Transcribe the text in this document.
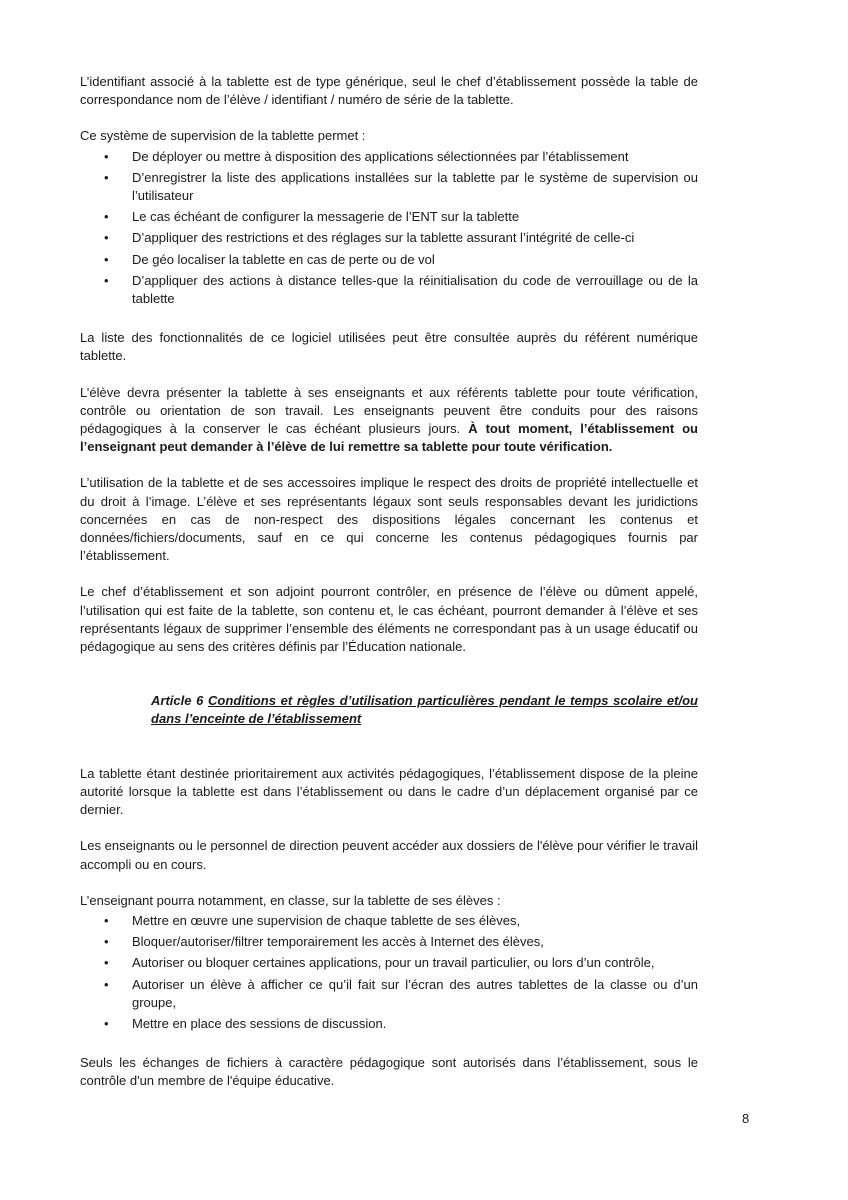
L’identifiant associé à la tablette est de type générique, seul le chef d’établissement possède la table de correspondance nom de l’élève / identifiant / numéro de série de la tablette.

Ce système de supervision de la tablette permet :

• De déployer ou mettre à disposition des applications sélectionnées par l’établissement
• D’enregistrer la liste des applications installées sur la tablette par le système de supervision ou l’utilisateur
• Le cas échéant de configurer la messagerie de l’ENT sur la tablette
• D’appliquer des restrictions et des réglages sur la tablette assurant l’intégrité de celle-ci
• De géo localiser la tablette en cas de perte ou de vol
• D’appliquer des actions à distance telles-que la réinitialisation du code de verrouillage ou de la tablette

La liste des fonctionnalités de ce logiciel utilisées peut être consultée auprès du référent numérique tablette.

L’élève devra présenter la tablette à ses enseignants et aux référents tablette pour toute vérification, contrôle ou orientation de son travail. Les enseignants peuvent être conduits pour des raisons pédagogiques à la conserver le cas échéant plusieurs jours. À tout moment, l’établissement ou l’enseignant peut demander à l’élève de lui remettre sa tablette pour toute vérification.

L’utilisation de la tablette et de ses accessoires implique le respect des droits de propriété intellectuelle et du droit à l’image. L’élève et ses représentants légaux sont seuls responsables devant les juridictions concernées en cas de non-respect des dispositions légales concernant les contenus et données/fichiers/documents, sauf en ce qui concerne les contenus pédagogiques fournis par l’établissement.

Le chef d’établissement et son adjoint pourront contrôler, en présence de l’élève ou dûment appelé, l’utilisation qui est faite de la tablette, son contenu et, le cas échéant, pourront demander à l’élève et ses représentants légaux de supprimer l’ensemble des éléments ne correspondant pas à un usage éducatif ou pédagogique au sens des critères définis par l’Éducation nationale.

Article 6 Conditions et règles d’utilisation particulières pendant le temps scolaire et/ou dans l’enceinte de l’établissement

La tablette étant destinée prioritairement aux activités pédagogiques, l’établissement dispose de la pleine autorité lorsque la tablette est dans l’établissement ou dans le cadre d’un déplacement organisé par ce dernier.

Les enseignants ou le personnel de direction peuvent accéder aux dossiers de l'élève pour vérifier le travail accompli ou en cours.

L’enseignant pourra notamment, en classe, sur la tablette de ses élèves :

• Mettre en œuvre une supervision de chaque tablette de ses élèves,
• Bloquer/autoriser/filtrer temporairement les accès à Internet des élèves,
• Autoriser ou bloquer certaines applications, pour un travail particulier, ou lors d’un contrôle,
• Autoriser un élève à afficher ce qu’il fait sur l’écran des autres tablettes de la classe ou d’un groupe,
• Mettre en place des sessions de discussion.

Seuls les échanges de fichiers à caractère pédagogique sont autorisés dans l’établissement, sous le contrôle d'un membre de l'équipe éducative.

8
